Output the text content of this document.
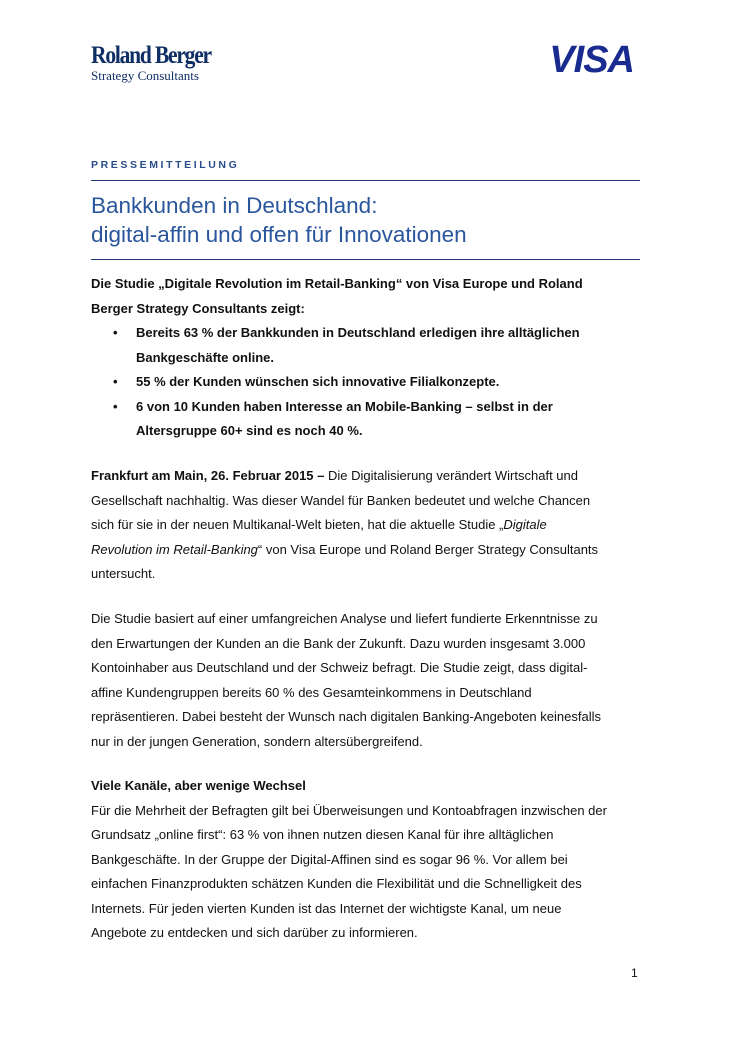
Roland Berger
Strategy Consultants	VISA
PRESSEMITTEILUNG
Bankkunden in Deutschland:
digital-affin und offen für Innovationen
Die Studie „Digitale Revolution im Retail-Banking“ von Visa Europe und Roland
Berger Strategy Consultants zeigt:
• Bereits 63 % der Bankkunden in Deutschland erledigen ihre alltäglichen
Bankgeschäfte online.
• 55 % der Kunden wünschen sich innovative Filialkonzepte.
• 6 von 10 Kunden haben Interesse an Mobile-Banking – selbst in der
Altersgruppe 60+ sind es noch 40 %.
Frankfurt am Main, 26. Februar 2015 – Die Digitalisierung verändert Wirtschaft und
Gesellschaft nachhaltig. Was dieser Wandel für Banken bedeutet und welche Chancen
sich für sie in der neuen Multikanal-Welt bieten, hat die aktuelle Studie „Digitale
Revolution im Retail-Banking“ von Visa Europe und Roland Berger Strategy Consultants
untersucht.
Die Studie basiert auf einer umfangreichen Analyse und liefert fundierte Erkenntnisse zu
den Erwartungen der Kunden an die Bank der Zukunft. Dazu wurden insgesamt 3.000
Kontoinhaber aus Deutschland und der Schweiz befragt. Die Studie zeigt, dass digital-
affine Kundengruppen bereits 60 % des Gesamteinkommens in Deutschland
repräsentieren. Dabei besteht der Wunsch nach digitalen Banking-Angeboten keinesfalls
nur in der jungen Generation, sondern altersübergreifend.
Viele Kanäle, aber wenige Wechsel
Für die Mehrheit der Befragten gilt bei Überweisungen und Kontoabfragen inzwischen der
Grundsatz „online first“: 63 % von ihnen nutzen diesen Kanal für ihre alltäglichen
Bankgeschäfte. In der Gruppe der Digital-Affinen sind es sogar 96 %. Vor allem bei
einfachen Finanzprodukten schätzen Kunden die Flexibilität und die Schnelligkeit des
Internets. Für jeden vierten Kunden ist das Internet der wichtigste Kanal, um neue
Angebote zu entdecken und sich darüber zu informieren.
1
